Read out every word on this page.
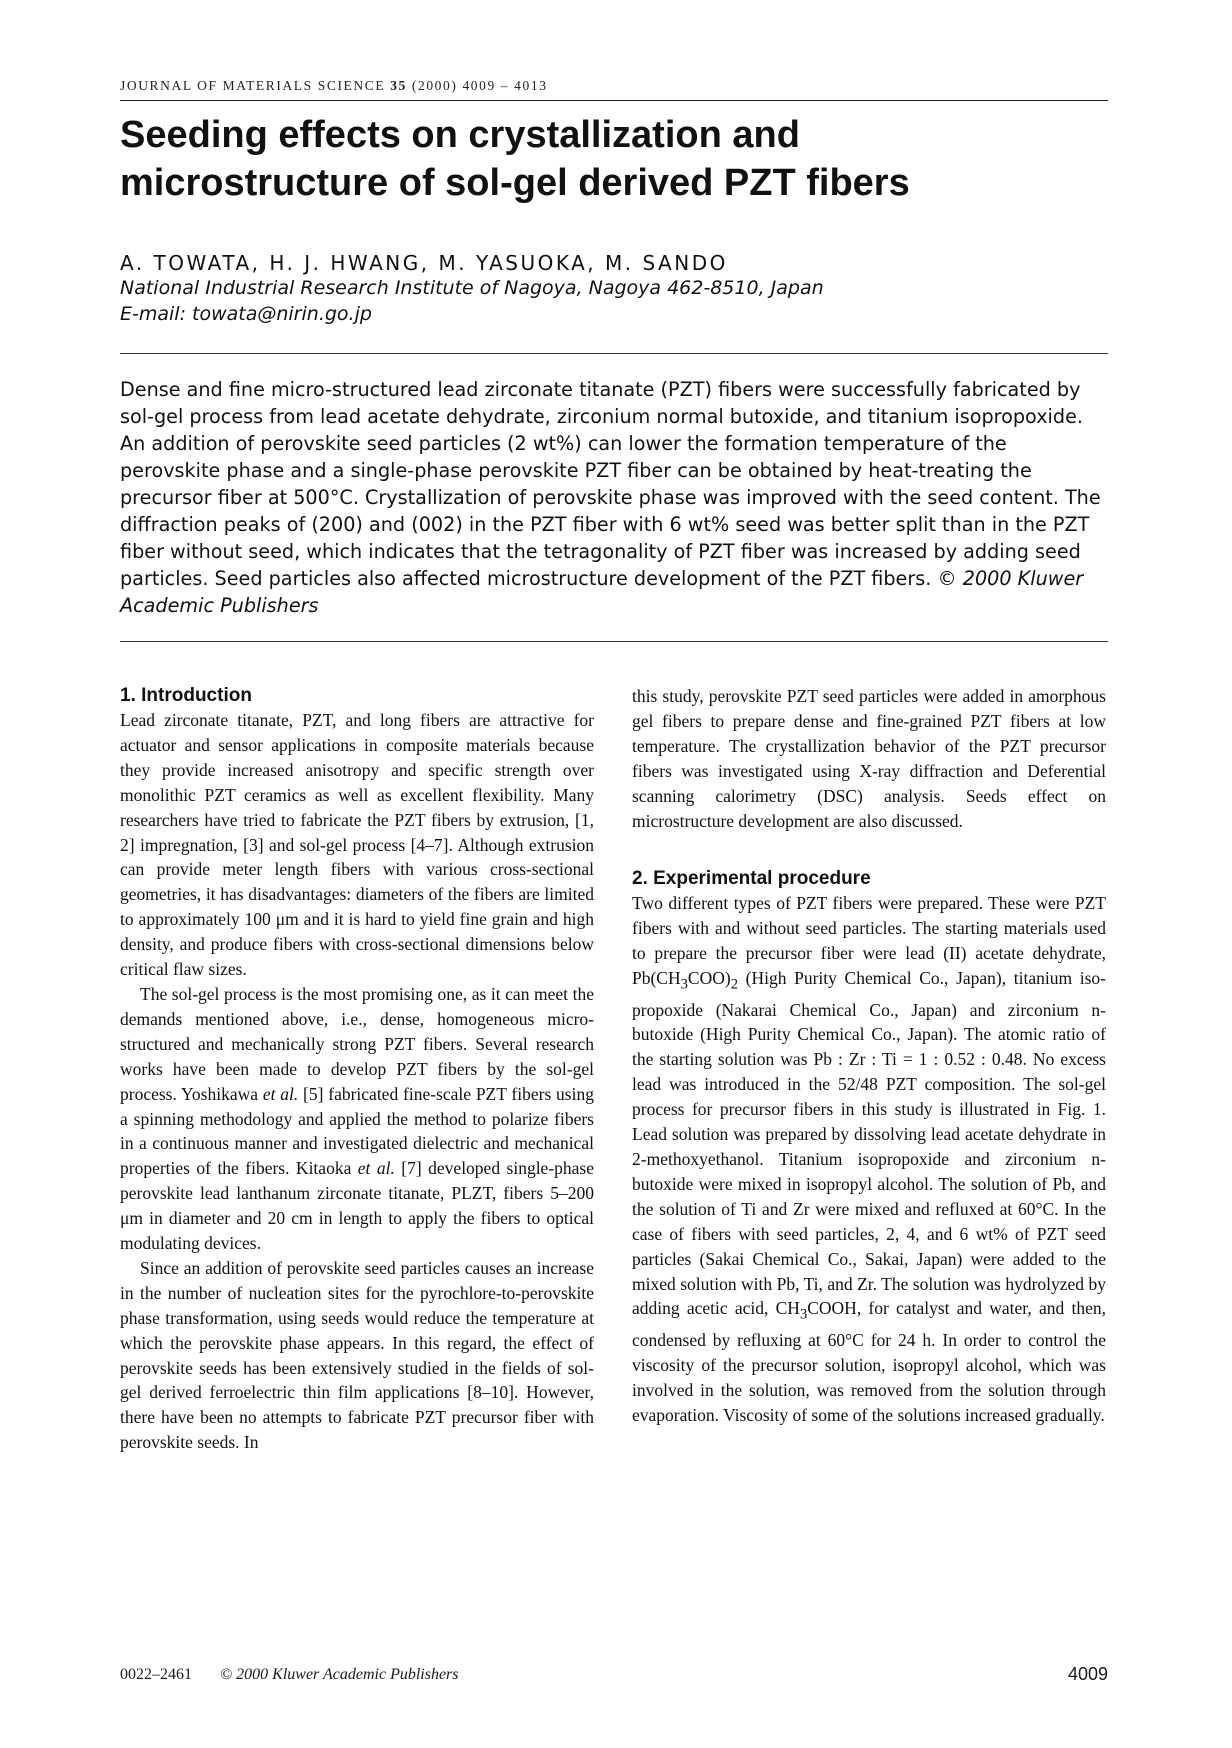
JOURNAL OF MATERIALS SCIENCE 35 (2000) 4009 – 4013
Seeding effects on crystallization and
microstructure of sol-gel derived PZT fibers
A. TOWATA, H. J. HWANG, M. YASUOKA, M. SANDO
National Industrial Research Institute of Nagoya, Nagoya 462-8510, Japan
E-mail: towata@nirin.go.jp
Dense and fine micro-structured lead zirconate titanate (PZT) fibers were successfully fabricated by sol-gel process from lead acetate dehydrate, zirconium normal butoxide, and titanium isopropoxide. An addition of perovskite seed particles (2 wt%) can lower the formation temperature of the perovskite phase and a single-phase perovskite PZT fiber can be obtained by heat-treating the precursor fiber at 500°C. Crystallization of perovskite phase was improved with the seed content. The diffraction peaks of (200) and (002) in the PZT fiber with 6 wt% seed was better split than in the PZT fiber without seed, which indicates that the tetragonality of PZT fiber was increased by adding seed particles. Seed particles also affected microstructure development of the PZT fibers. © 2000 Kluwer Academic Publishers

1. Introduction

Lead zirconate titanate, PZT, and long fibers are attractive for actuator and sensor applications in composite materials because they provide increased anisotropy and specific strength over monolithic PZT ceramics as well as excellent flexibility. Many researchers have tried to fabricate the PZT fibers by extrusion, [1, 2] impregnation, [3] and sol-gel process [4–7]. Although extrusion can provide meter length fibers with various cross-sectional geometries, it has disadvantages: diameters of the fibers are limited to approximately 100 μm and it is hard to yield fine grain and high density, and produce fibers with cross-sectional dimensions below critical flaw sizes.

The sol-gel process is the most promising one, as it can meet the demands mentioned above, i.e., dense, homogeneous micro-structured and mechanically strong PZT fibers. Several research works have been made to develop PZT fibers by the sol-gel process. Yoshikawa et al. [5] fabricated fine-scale PZT fibers using a spinning methodology and applied the method to polarize fibers in a continuous manner and investigated dielectric and mechanical properties of the fibers. Kitaoka et al. [7] developed single-phase perovskite lead lanthanum zirconate titanate, PLZT, fibers 5–200 μm in diameter and 20 cm in length to apply the fibers to optical modulating devices.

Since an addition of perovskite seed particles causes an increase in the number of nucleation sites for the pyrochlore-to-perovskite phase transformation, using seeds would reduce the temperature at which the perovskite phase appears. In this regard, the effect of perovskite seeds has been extensively studied in the fields of sol-gel derived ferroelectric thin film applications [8–10]. However, there have been no attempts to fabricate PZT precursor fiber with perovskite seeds. In

this study, perovskite PZT seed particles were added in amorphous gel fibers to prepare dense and fine-grained PZT fibers at low temperature. The crystallization behavior of the PZT precursor fibers was investigated using X-ray diffraction and Deferential scanning calorimetry (DSC) analysis. Seeds effect on microstructure development are also discussed.

2. Experimental procedure

Two different types of PZT fibers were prepared. These were PZT fibers with and without seed particles. The starting materials used to prepare the precursor fiber were lead (II) acetate dehydrate, $Pb(CH_3COO)_2$ (High Purity Chemical Co., Japan), titanium iso-propoxide (Nakarai Chemical Co., Japan) and zirconium n-butoxide (High Purity Chemical Co., Japan). The atomic ratio of the starting solution was Pb : Zr : Ti = 1 : 0.52 : 0.48. No excess lead was introduced in the 52/48 PZT composition. The sol-gel process for precursor fibers in this study is illustrated in Fig. 1. Lead solution was prepared by dissolving lead acetate dehydrate in 2-methoxyethanol. Titanium isopropoxide and zirconium n-butoxide were mixed in isopropyl alcohol. The solution of Pb, and the solution of Ti and Zr were mixed and refluxed at 60°C. In the case of fibers with seed particles, 2, 4, and 6 wt% of PZT seed particles (Sakai Chemical Co., Sakai, Japan) were added to the mixed solution with Pb, Ti, and Zr. The solution was hydrolyzed by adding acetic acid, $CH_3COOH$, for catalyst and water, and then, condensed by refluxing at 60°C for 24 h. In order to control the viscosity of the precursor solution, isopropyl alcohol, which was involved in the solution, was removed from the solution through evaporation. Viscosity of some of the solutions increased gradually.

0022–2461 © 2000 Kluwer Academic Publishers	4009
